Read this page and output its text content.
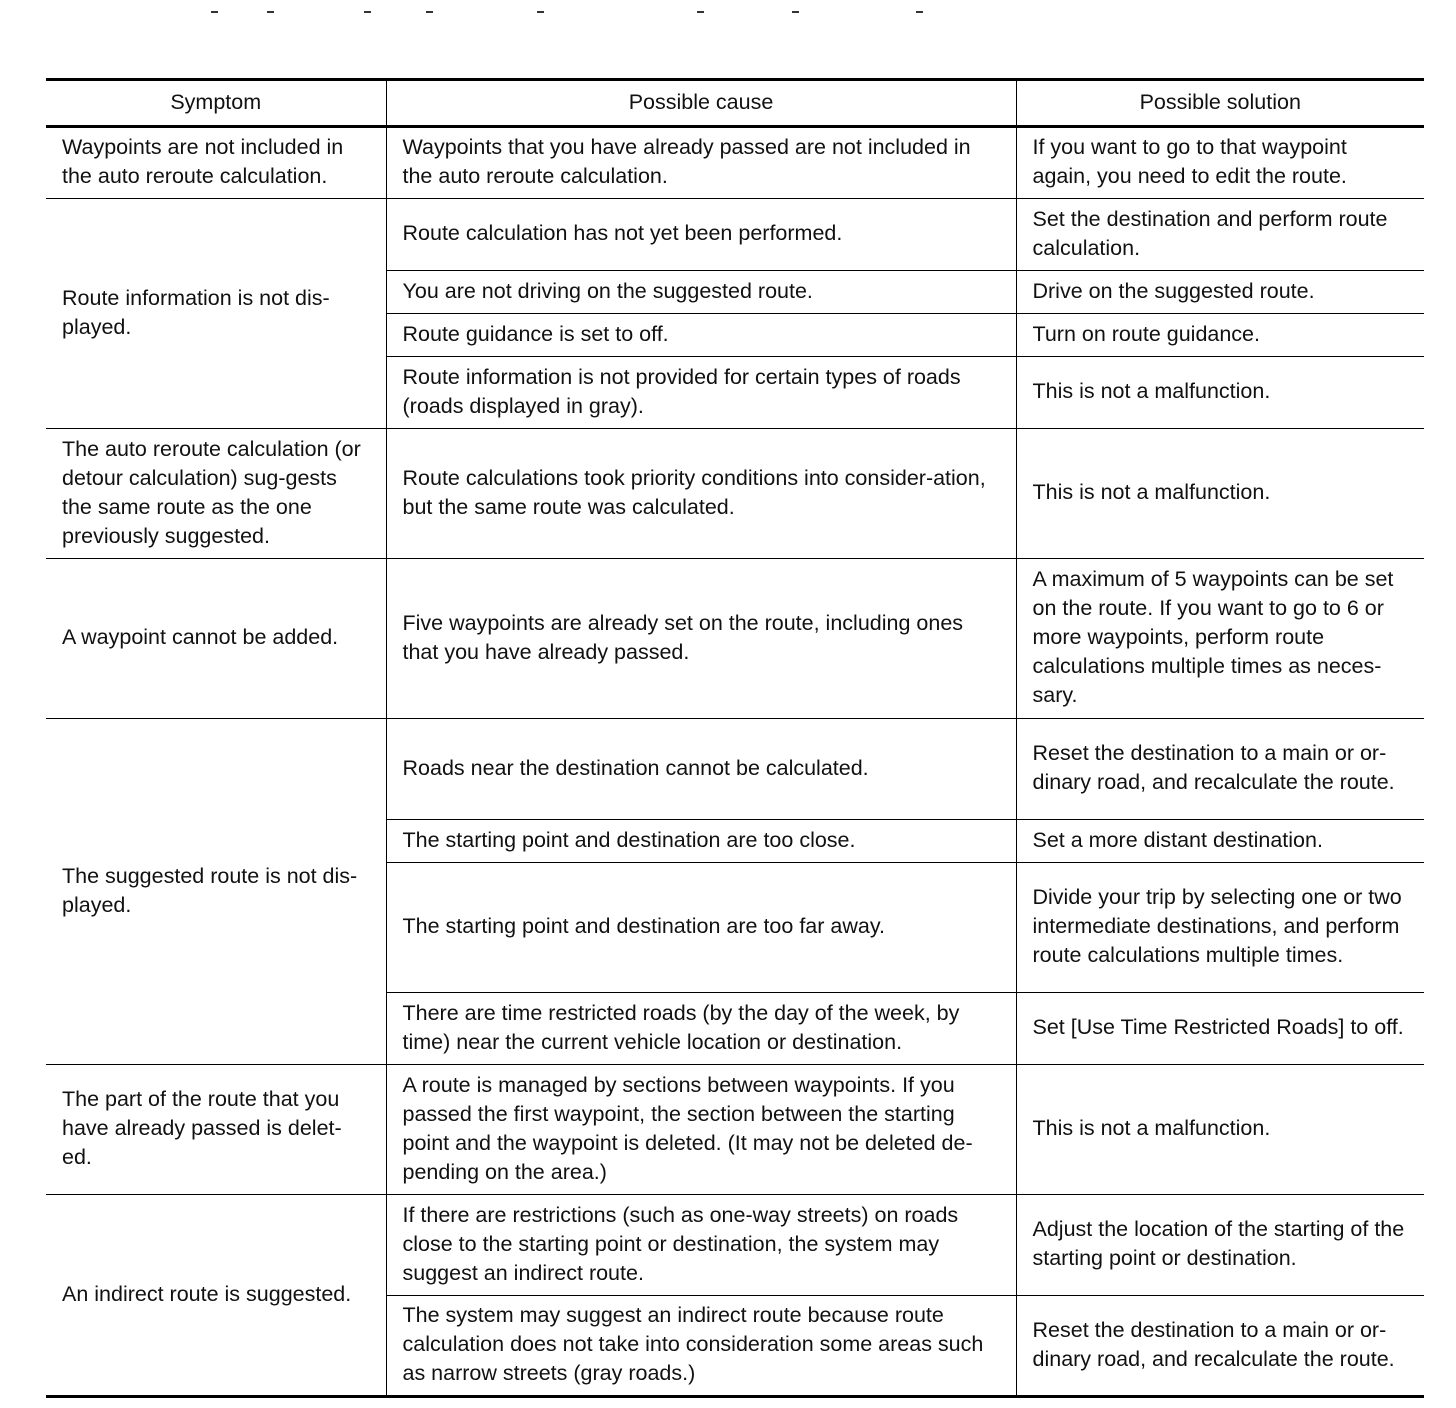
Symptom	Possible cause	Possible solution
Waypoints are not included in the auto reroute calculation.	Waypoints that you have already passed are not included in the auto reroute calculation.	If you want to go to that waypoint again, you need to edit the route.
Route information is not dis-played.	Route calculation has not yet been performed.	Set the destination and perform route calculation.
	You are not driving on the suggested route.	Drive on the suggested route.
	Route guidance is set to off.	Turn on route guidance.
	Route information is not provided for certain types of roads (roads displayed in gray).	This is not a malfunction.
The auto reroute calculation (or detour calculation) sug-gests the same route as the one previously suggested.	Route calculations took priority conditions into consider-ation, but the same route was calculated.	This is not a malfunction.
A waypoint cannot be added.	Five waypoints are already set on the route, including ones that you have already passed.	A maximum of 5 waypoints can be set on the route. If you want to go to 6 or more waypoints, perform route calculations multiple times as neces-sary.
The suggested route is not dis-played.	Roads near the destination cannot be calculated.	Reset the destination to a main or or-dinary road, and recalculate the route.
	The starting point and destination are too close.	Set a more distant destination.
	The starting point and destination are too far away.	Divide your trip by selecting one or two intermediate destinations, and perform route calculations multiple times.
	There are time restricted roads (by the day of the week, by time) near the current vehicle location or destination.	Set [Use Time Restricted Roads] to off.
The part of the route that you have already passed is delet-ed.	A route is managed by sections between waypoints. If you passed the first waypoint, the section between the starting point and the waypoint is deleted. (It may not be deleted de-pending on the area.)	This is not a malfunction.
An indirect route is suggested.	If there are restrictions (such as one-way streets) on roads close to the starting point or destination, the system may suggest an indirect route.	Adjust the location of the starting of the starting point or destination.
	The system may suggest an indirect route because route calculation does not take into consideration some areas such as narrow streets (gray roads.)	Reset the destination to a main or or-dinary road, and recalculate the route.
